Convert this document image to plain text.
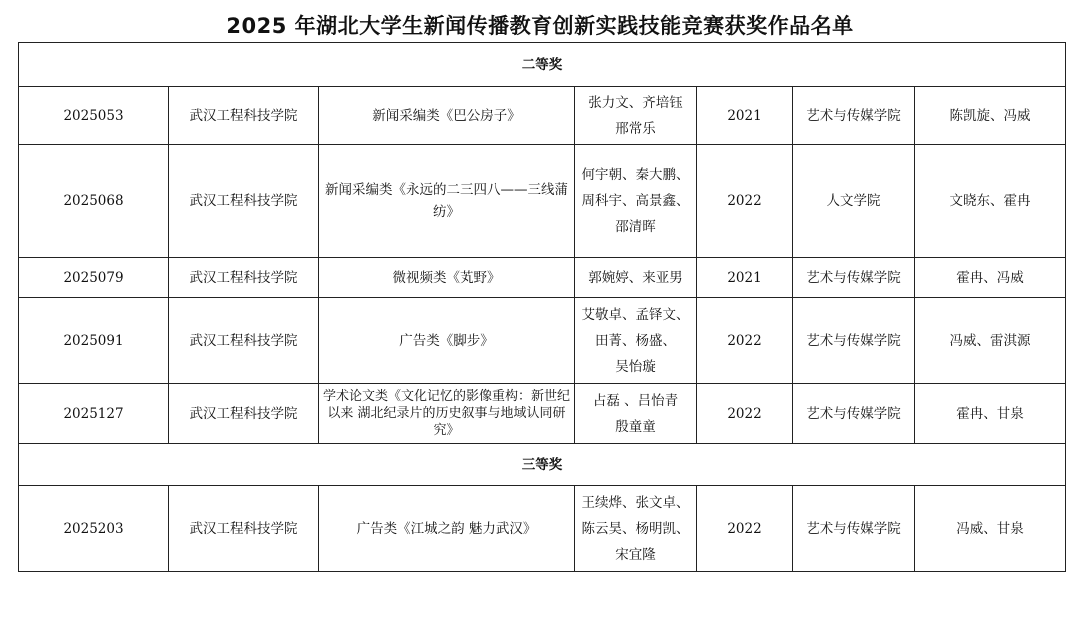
2025 年湖北大学生新闻传播教育创新实践技能竞赛获奖作品名单
二等奖						
2025053	武汉工程科技学院	新闻采编类《巴公房子》	张力文、齐培钰
邢常乐	2021	艺术与传媒学院	陈凯旋、冯威
2025068	武汉工程科技学院	新闻采编类《永远的二三四八——三线蒲纺》	何宇朝、秦大鹏、
周科宇、高景鑫、
邵清晖	2022	人文学院	文晓东、霍冉
2025079	武汉工程科技学院	微视频类《芄野》	郭婉婷、来亚男	2021	艺术与传媒学院	霍冉、冯威
2025091	武汉工程科技学院	广告类《脚步》	艾敬卓、孟铎文、
田菁、杨盛、
吴怡璇	2022	艺术与传媒学院	冯威、雷淇源
2025127	武汉工程科技学院	学术论文类《文化记忆的影像重构：新世纪以来 湖北纪录片的历史叙事与地域认同研究》	占磊 、吕怡青
殷童童	2022	艺术与传媒学院	霍冉、甘泉
三等奖						
2025203	武汉工程科技学院	广告类《江城之韵 魅力武汉》	王续烨、张文卓、
陈云昊、杨明凯、
宋宜隆	2022	艺术与传媒学院	冯威、甘泉
